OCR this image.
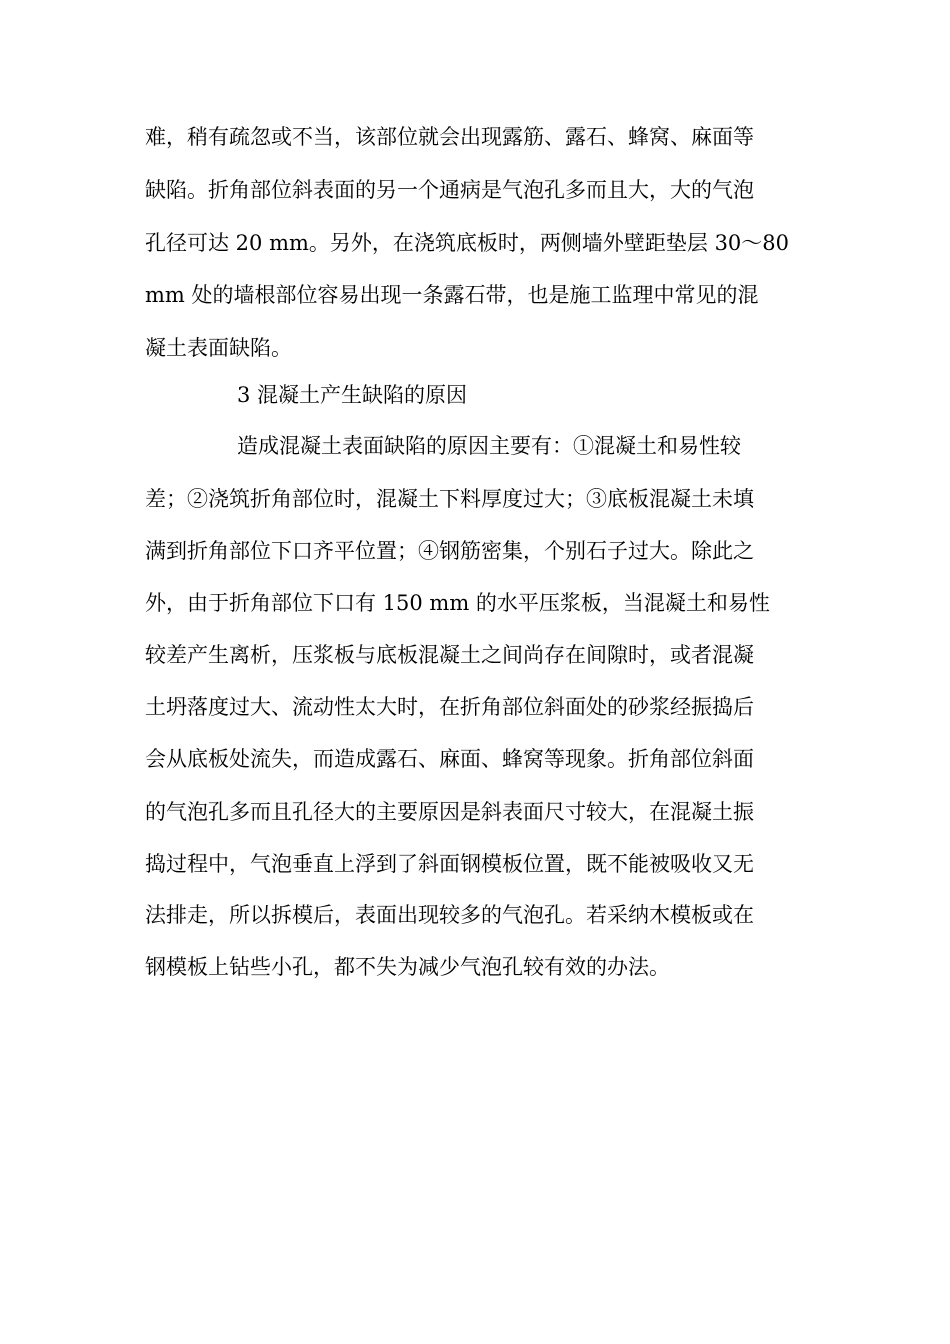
难，稍有疏忽或不当，该部位就会出现露筋、露石、蜂窝、麻面等

缺陷。折角部位斜表面的另一个通病是气泡孔多而且大，大的气泡

孔径可达 20 mm。另外，在浇筑底板时，两侧墙外壁距垫层 30～80

mm 处的墙根部位容易出现一条露石带，也是施工监理中常见的混

凝土表面缺陷。

3 混凝土产生缺陷的原因

造成混凝土表面缺陷的原因主要有：①混凝土和易性较

差；②浇筑折角部位时，混凝土下料厚度过大；③底板混凝土未填

满到折角部位下口齐平位置；④钢筋密集，个别石子过大。除此之

外，由于折角部位下口有 150 mm 的水平压浆板，当混凝土和易性

较差产生离析，压浆板与底板混凝土之间尚存在间隙时，或者混凝

土坍落度过大、流动性太大时，在折角部位斜面处的砂浆经振捣后

会从底板处流失，而造成露石、麻面、蜂窝等现象。折角部位斜面

的气泡孔多而且孔径大的主要原因是斜表面尺寸较大，在混凝土振

捣过程中，气泡垂直上浮到了斜面钢模板位置，既不能被吸收又无

法排走，所以拆模后，表面出现较多的气泡孔。若采纳木模板或在

钢模板上钻些小孔，都不失为减少气泡孔较有效的办法。
